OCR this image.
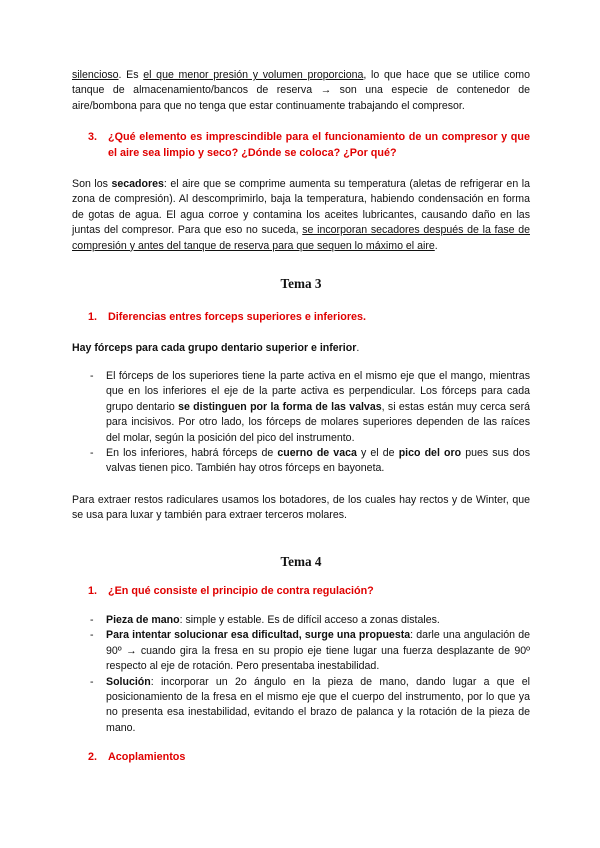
silencioso. Es el que menor presión y volumen proporciona, lo que hace que se utilice como tanque de almacenamiento/bancos de reserva → son una especie de contenedor de aire/bombona para que no tenga que estar continuamente trabajando el compresor.

3.	¿Qué elemento es imprescindible para el funcionamiento de un compresor y que el aire sea limpio y seco? ¿Dónde se coloca? ¿Por qué?

Son los secadores: el aire que se comprime aumenta su temperatura (aletas de refrigerar en la zona de compresión). Al descomprimirlo, baja la temperatura, habiendo condensación en forma de gotas de agua. El agua corroe y contamina los aceites lubricantes, causando daño en las juntas del compresor. Para que eso no suceda, se incorporan secadores después de la fase de compresión y antes del tanque de reserva para que sequen lo máximo el aire.

Tema 3
1.	Diferencias entres forceps superiores e inferiores.

Hay fórceps para cada grupo dentario superior e inferior.

- El fórceps de los superiores tiene la parte activa en el mismo eje que el mango, mientras que en los inferiores el eje de la parte activa es perpendicular. Los fórceps para cada grupo dentario se distinguen por la forma de las valvas, si estas están muy cerca será para incisivos. Por otro lado, los fórceps de molares superiores dependen de las raíces del molar, según la posición del pico del instrumento.
- En los inferiores, habrá fórceps de cuerno de vaca y el de pico del oro pues sus dos valvas tienen pico. También hay otros fórceps en bayoneta.

Para extraer restos radiculares usamos los botadores, de los cuales hay rectos y de Winter, que se usa para luxar y también para extraer terceros molares.

Tema 4
1.	¿En qué consiste el principio de contra regulación?
- Pieza de mano: simple y estable. Es de difícil acceso a zonas distales.
- Para intentar solucionar esa dificultad, surge una propuesta: darle una angulación de 90º → cuando gira la fresa en su propio eje tiene lugar una fuerza desplazante de 90º respecto al eje de rotación. Pero presentaba inestabilidad.
- Solución: incorporar un 2o ángulo en la pieza de mano, dando lugar a que el posicionamiento de la fresa en el mismo eje que el cuerpo del instrumento, por lo que ya no presenta esa inestabilidad, evitando el brazo de palanca y la rotación de la pieza de mano.
2.	Acoplamientos
